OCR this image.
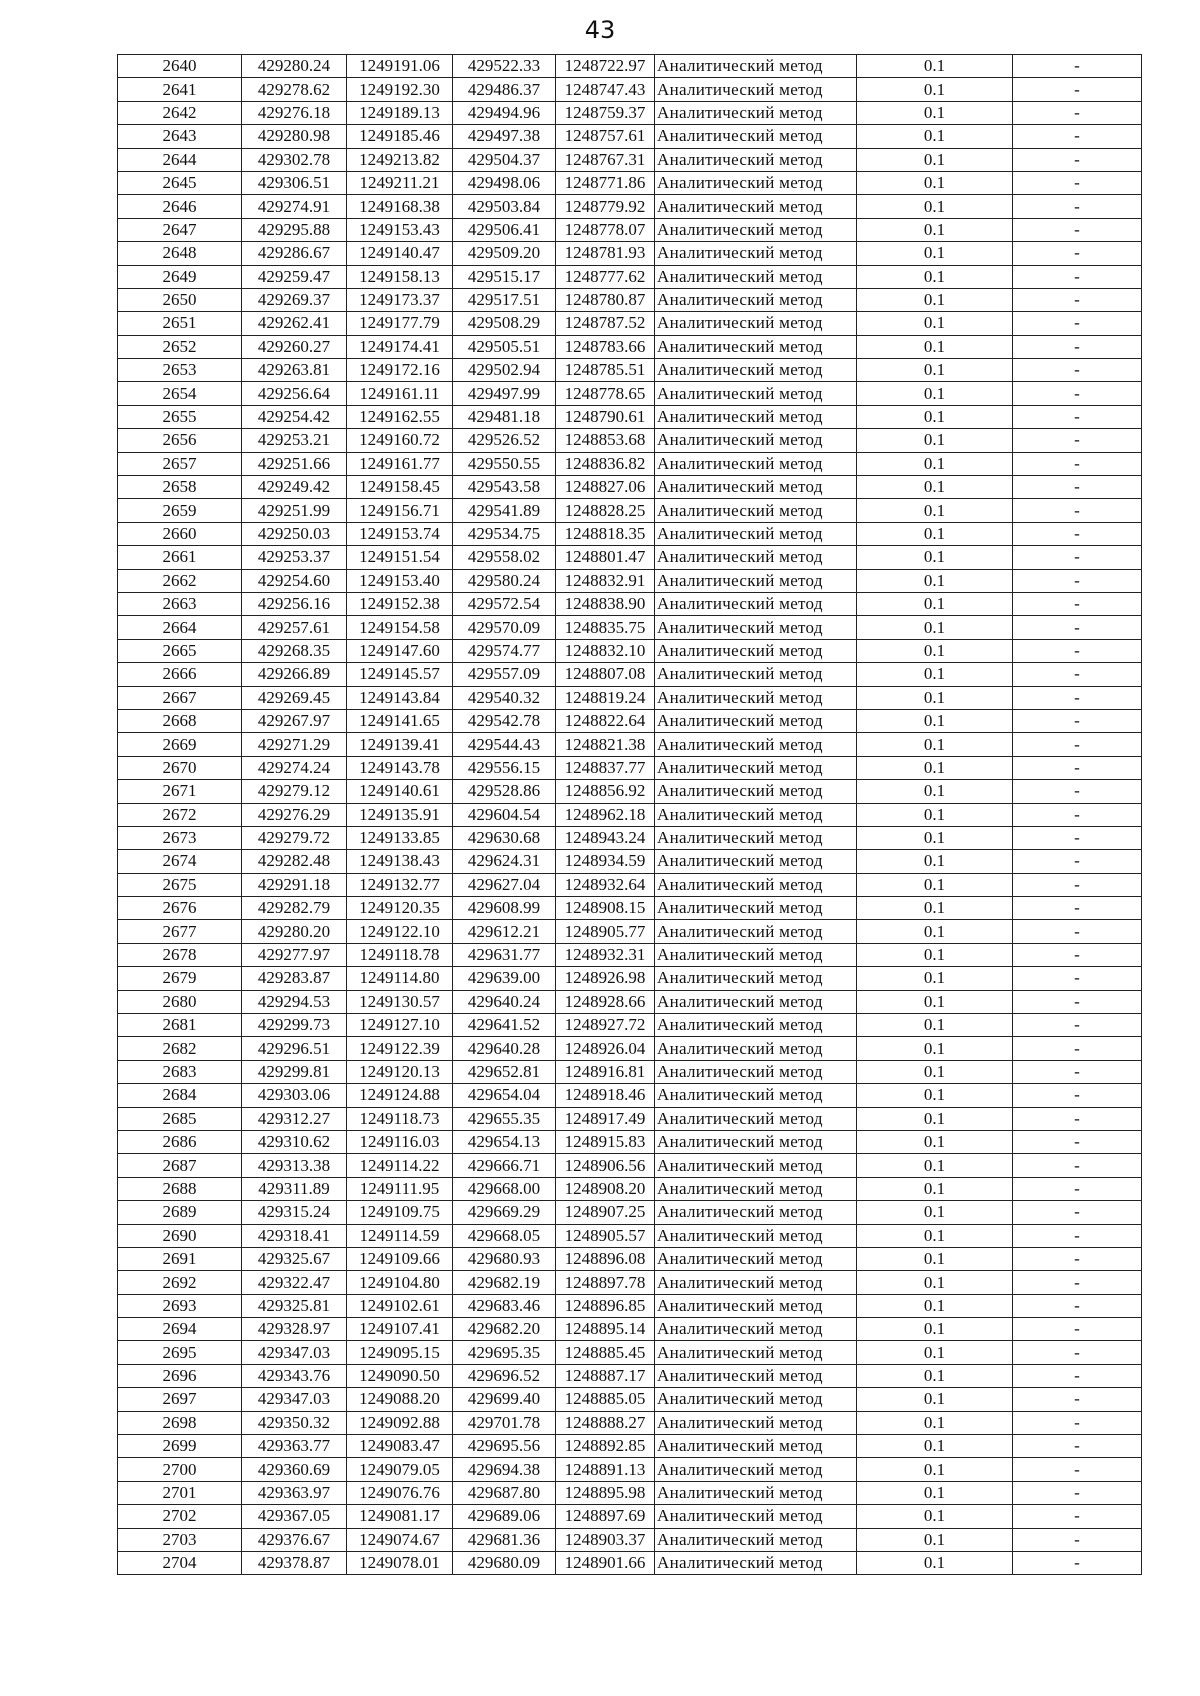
43
2640	429280.24	1249191.06	429522.33	1248722.97	Аналитический метод	0.1	-
2641	429278.62	1249192.30	429486.37	1248747.43	Аналитический метод	0.1	-
2642	429276.18	1249189.13	429494.96	1248759.37	Аналитический метод	0.1	-
2643	429280.98	1249185.46	429497.38	1248757.61	Аналитический метод	0.1	-
2644	429302.78	1249213.82	429504.37	1248767.31	Аналитический метод	0.1	-
2645	429306.51	1249211.21	429498.06	1248771.86	Аналитический метод	0.1	-
2646	429274.91	1249168.38	429503.84	1248779.92	Аналитический метод	0.1	-
2647	429295.88	1249153.43	429506.41	1248778.07	Аналитический метод	0.1	-
2648	429286.67	1249140.47	429509.20	1248781.93	Аналитический метод	0.1	-
2649	429259.47	1249158.13	429515.17	1248777.62	Аналитический метод	0.1	-
2650	429269.37	1249173.37	429517.51	1248780.87	Аналитический метод	0.1	-
2651	429262.41	1249177.79	429508.29	1248787.52	Аналитический метод	0.1	-
2652	429260.27	1249174.41	429505.51	1248783.66	Аналитический метод	0.1	-
2653	429263.81	1249172.16	429502.94	1248785.51	Аналитический метод	0.1	-
2654	429256.64	1249161.11	429497.99	1248778.65	Аналитический метод	0.1	-
2655	429254.42	1249162.55	429481.18	1248790.61	Аналитический метод	0.1	-
2656	429253.21	1249160.72	429526.52	1248853.68	Аналитический метод	0.1	-
2657	429251.66	1249161.77	429550.55	1248836.82	Аналитический метод	0.1	-
2658	429249.42	1249158.45	429543.58	1248827.06	Аналитический метод	0.1	-
2659	429251.99	1249156.71	429541.89	1248828.25	Аналитический метод	0.1	-
2660	429250.03	1249153.74	429534.75	1248818.35	Аналитический метод	0.1	-
2661	429253.37	1249151.54	429558.02	1248801.47	Аналитический метод	0.1	-
2662	429254.60	1249153.40	429580.24	1248832.91	Аналитический метод	0.1	-
2663	429256.16	1249152.38	429572.54	1248838.90	Аналитический метод	0.1	-
2664	429257.61	1249154.58	429570.09	1248835.75	Аналитический метод	0.1	-
2665	429268.35	1249147.60	429574.77	1248832.10	Аналитический метод	0.1	-
2666	429266.89	1249145.57	429557.09	1248807.08	Аналитический метод	0.1	-
2667	429269.45	1249143.84	429540.32	1248819.24	Аналитический метод	0.1	-
2668	429267.97	1249141.65	429542.78	1248822.64	Аналитический метод	0.1	-
2669	429271.29	1249139.41	429544.43	1248821.38	Аналитический метод	0.1	-
2670	429274.24	1249143.78	429556.15	1248837.77	Аналитический метод	0.1	-
2671	429279.12	1249140.61	429528.86	1248856.92	Аналитический метод	0.1	-
2672	429276.29	1249135.91	429604.54	1248962.18	Аналитический метод	0.1	-
2673	429279.72	1249133.85	429630.68	1248943.24	Аналитический метод	0.1	-
2674	429282.48	1249138.43	429624.31	1248934.59	Аналитический метод	0.1	-
2675	429291.18	1249132.77	429627.04	1248932.64	Аналитический метод	0.1	-
2676	429282.79	1249120.35	429608.99	1248908.15	Аналитический метод	0.1	-
2677	429280.20	1249122.10	429612.21	1248905.77	Аналитический метод	0.1	-
2678	429277.97	1249118.78	429631.77	1248932.31	Аналитический метод	0.1	-
2679	429283.87	1249114.80	429639.00	1248926.98	Аналитический метод	0.1	-
2680	429294.53	1249130.57	429640.24	1248928.66	Аналитический метод	0.1	-
2681	429299.73	1249127.10	429641.52	1248927.72	Аналитический метод	0.1	-
2682	429296.51	1249122.39	429640.28	1248926.04	Аналитический метод	0.1	-
2683	429299.81	1249120.13	429652.81	1248916.81	Аналитический метод	0.1	-
2684	429303.06	1249124.88	429654.04	1248918.46	Аналитический метод	0.1	-
2685	429312.27	1249118.73	429655.35	1248917.49	Аналитический метод	0.1	-
2686	429310.62	1249116.03	429654.13	1248915.83	Аналитический метод	0.1	-
2687	429313.38	1249114.22	429666.71	1248906.56	Аналитический метод	0.1	-
2688	429311.89	1249111.95	429668.00	1248908.20	Аналитический метод	0.1	-
2689	429315.24	1249109.75	429669.29	1248907.25	Аналитический метод	0.1	-
2690	429318.41	1249114.59	429668.05	1248905.57	Аналитический метод	0.1	-
2691	429325.67	1249109.66	429680.93	1248896.08	Аналитический метод	0.1	-
2692	429322.47	1249104.80	429682.19	1248897.78	Аналитический метод	0.1	-
2693	429325.81	1249102.61	429683.46	1248896.85	Аналитический метод	0.1	-
2694	429328.97	1249107.41	429682.20	1248895.14	Аналитический метод	0.1	-
2695	429347.03	1249095.15	429695.35	1248885.45	Аналитический метод	0.1	-
2696	429343.76	1249090.50	429696.52	1248887.17	Аналитический метод	0.1	-
2697	429347.03	1249088.20	429699.40	1248885.05	Аналитический метод	0.1	-
2698	429350.32	1249092.88	429701.78	1248888.27	Аналитический метод	0.1	-
2699	429363.77	1249083.47	429695.56	1248892.85	Аналитический метод	0.1	-
2700	429360.69	1249079.05	429694.38	1248891.13	Аналитический метод	0.1	-
2701	429363.97	1249076.76	429687.80	1248895.98	Аналитический метод	0.1	-
2702	429367.05	1249081.17	429689.06	1248897.69	Аналитический метод	0.1	-
2703	429376.67	1249074.67	429681.36	1248903.37	Аналитический метод	0.1	-
2704	429378.87	1249078.01	429680.09	1248901.66	Аналитический метод	0.1	-
